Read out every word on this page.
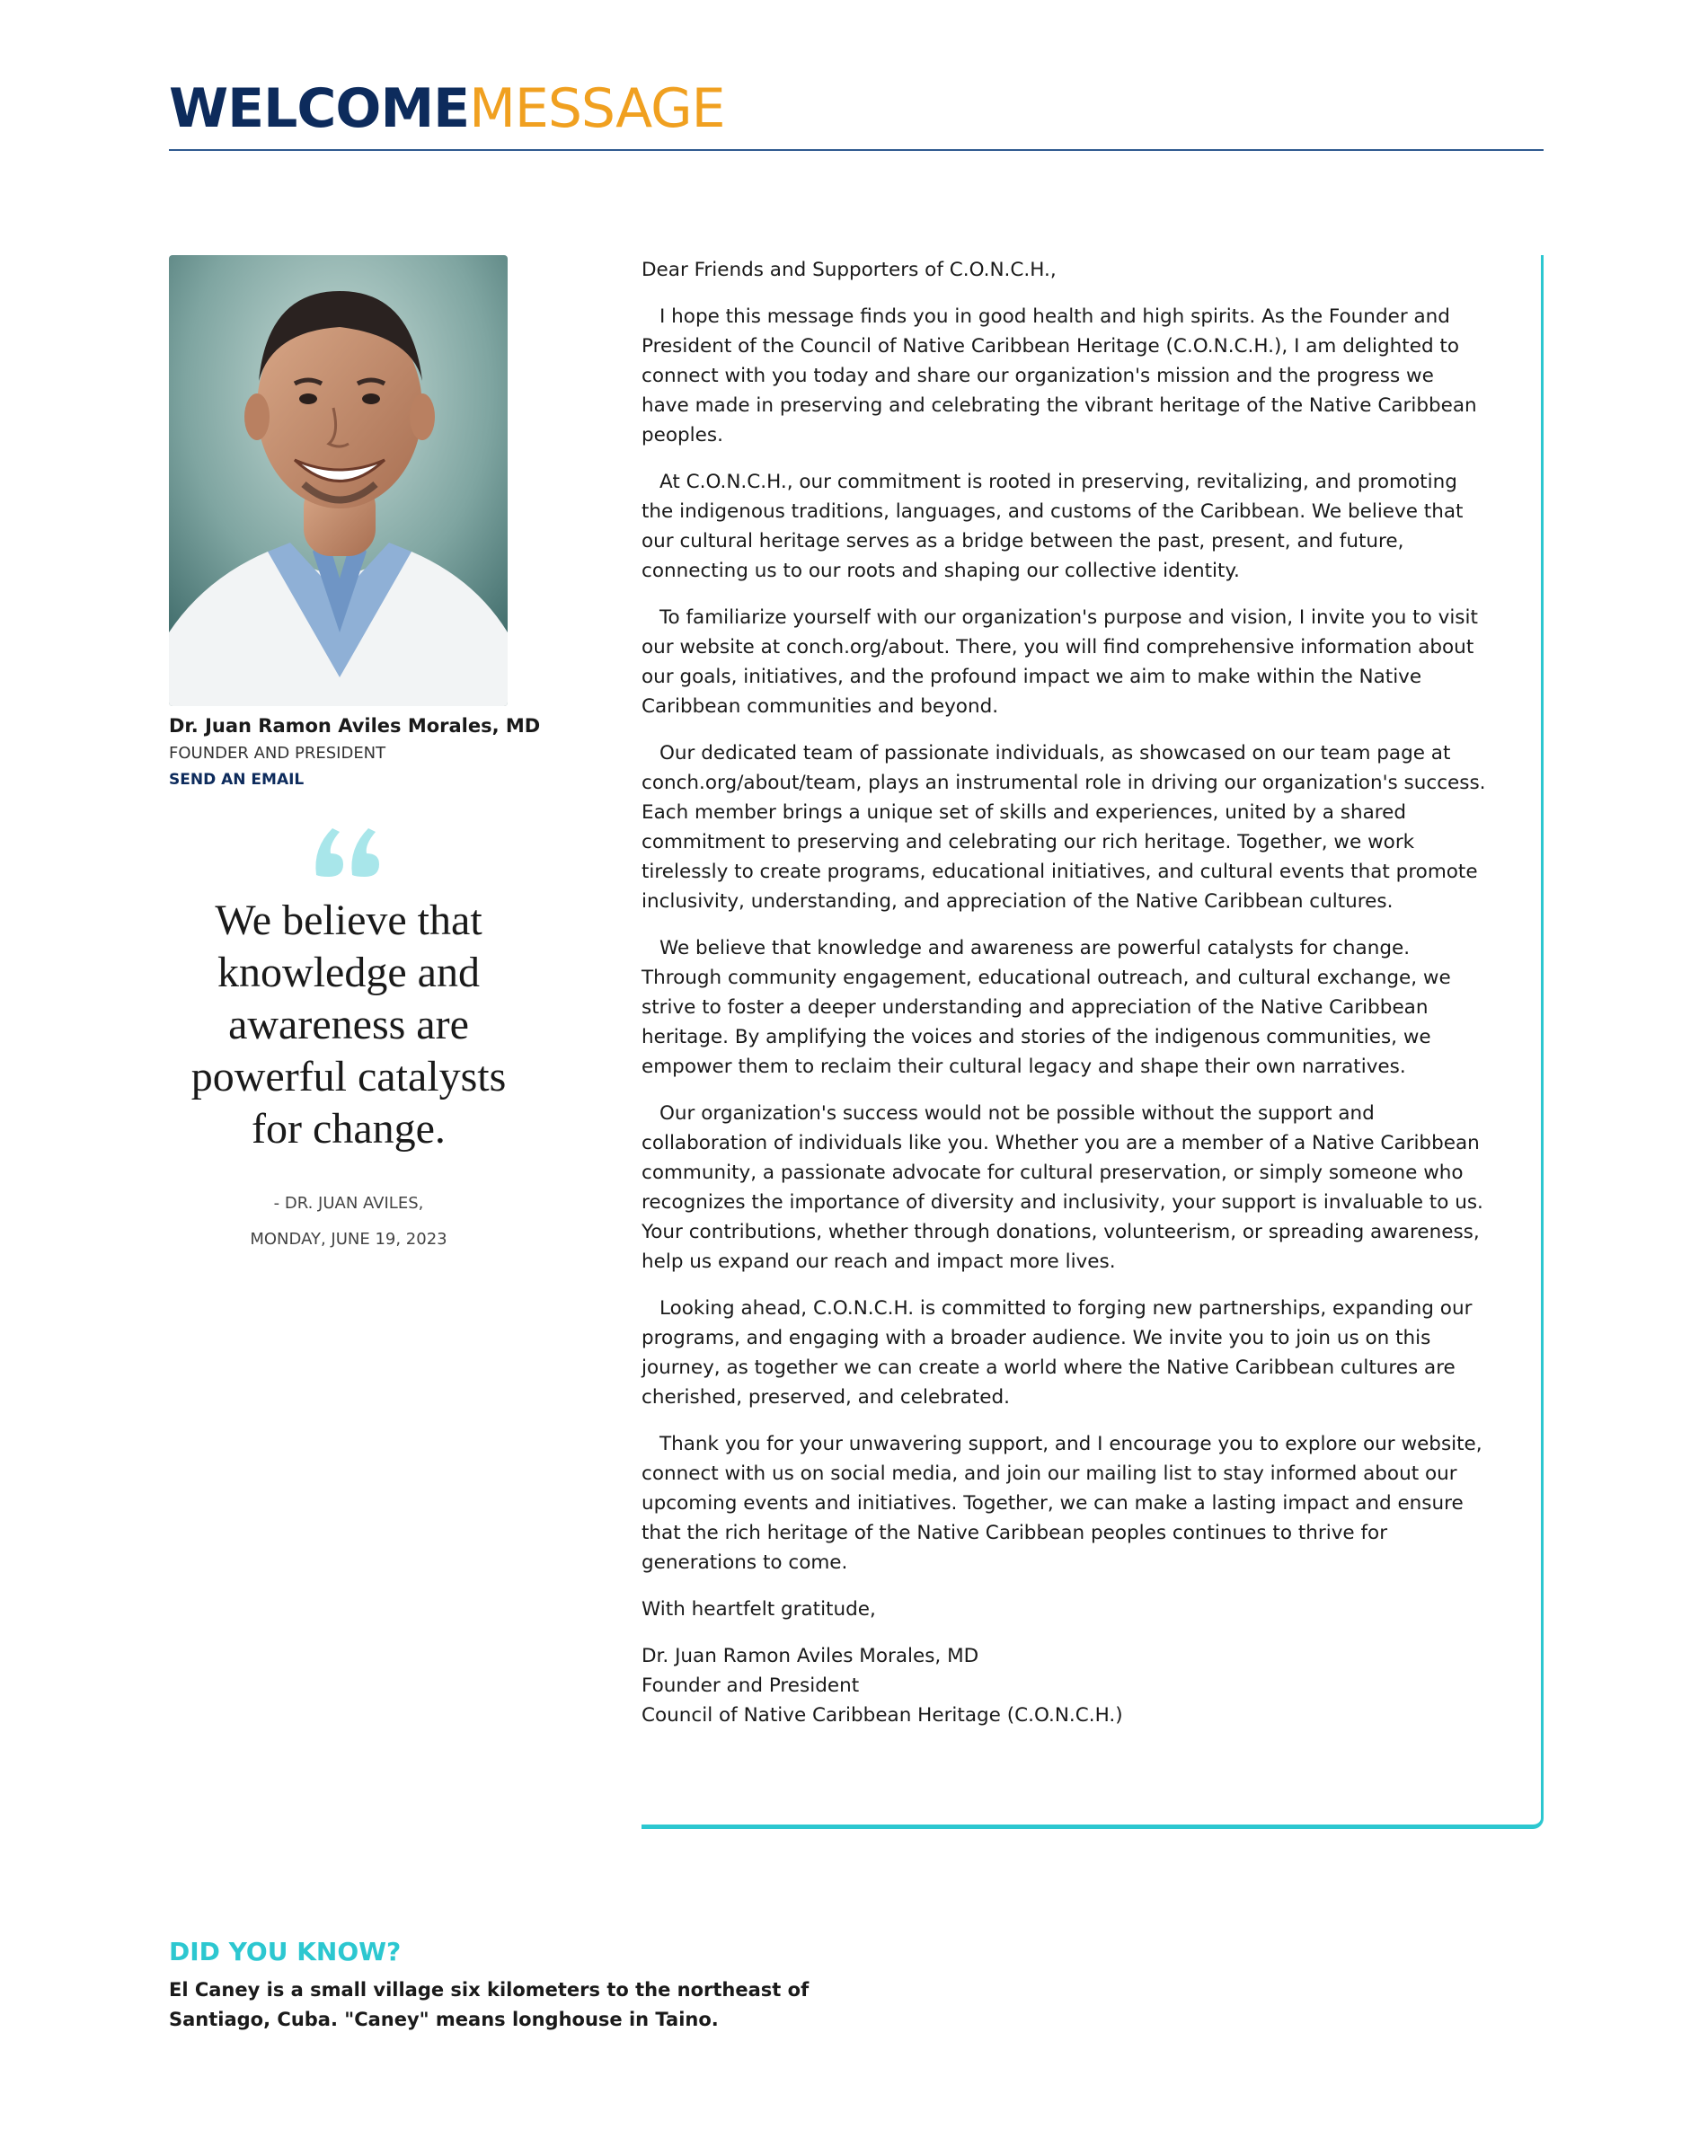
WELCOMEMESSAGE
Dr. Juan Ramon Aviles Morales, MD
FOUNDER AND PRESIDENT
SEND AN EMAIL
We believe that knowledge and awareness are powerful catalysts for change.
- DR. JUAN AVILES,
MONDAY, JUNE 19, 2023

Dear Friends and Supporters of C.O.N.C.H.,

I hope this message finds you in good health and high spirits. As the Founder and President of the Council of Native Caribbean Heritage (C.O.N.C.H.), I am delighted to connect with you today and share our organization's mission and the progress we have made in preserving and celebrating the vibrant heritage of the Native Caribbean peoples.

At C.O.N.C.H., our commitment is rooted in preserving, revitalizing, and promoting the indigenous traditions, languages, and customs of the Caribbean. We believe that our cultural heritage serves as a bridge between the past, present, and future, connecting us to our roots and shaping our collective identity.

To familiarize yourself with our organization's purpose and vision, I invite you to visit our website at conch.org/about. There, you will find comprehensive information about our goals, initiatives, and the profound impact we aim to make within the Native Caribbean communities and beyond.

Our dedicated team of passionate individuals, as showcased on our team page at conch.org/about/team, plays an instrumental role in driving our organization's success. Each member brings a unique set of skills and experiences, united by a shared commitment to preserving and celebrating our rich heritage. Together, we work tirelessly to create programs, educational initiatives, and cultural events that promote inclusivity, understanding, and appreciation of the Native Caribbean cultures.

We believe that knowledge and awareness are powerful catalysts for change. Through community engagement, educational outreach, and cultural exchange, we strive to foster a deeper understanding and appreciation of the Native Caribbean heritage. By amplifying the voices and stories of the indigenous communities, we empower them to reclaim their cultural legacy and shape their own narratives.

Our organization's success would not be possible without the support and collaboration of individuals like you. Whether you are a member of a Native Caribbean community, a passionate advocate for cultural preservation, or simply someone who recognizes the importance of diversity and inclusivity, your support is invaluable to us. Your contributions, whether through donations, volunteerism, or spreading awareness, help us expand our reach and impact more lives.

Looking ahead, C.O.N.C.H. is committed to forging new partnerships, expanding our programs, and engaging with a broader audience. We invite you to join us on this journey, as together we can create a world where the Native Caribbean cultures are cherished, preserved, and celebrated.

Thank you for your unwavering support, and I encourage you to explore our website, connect with us on social media, and join our mailing list to stay informed about our upcoming events and initiatives. Together, we can make a lasting impact and ensure that the rich heritage of the Native Caribbean peoples continues to thrive for generations to come.

With heartfelt gratitude,

Dr. Juan Ramon Aviles Morales, MD
Founder and President
Council of Native Caribbean Heritage (C.O.N.C.H.)

DID YOU KNOW?
El Caney is a small village six kilometers to the northeast of Santiago, Cuba. "Caney" means longhouse in Taino.
